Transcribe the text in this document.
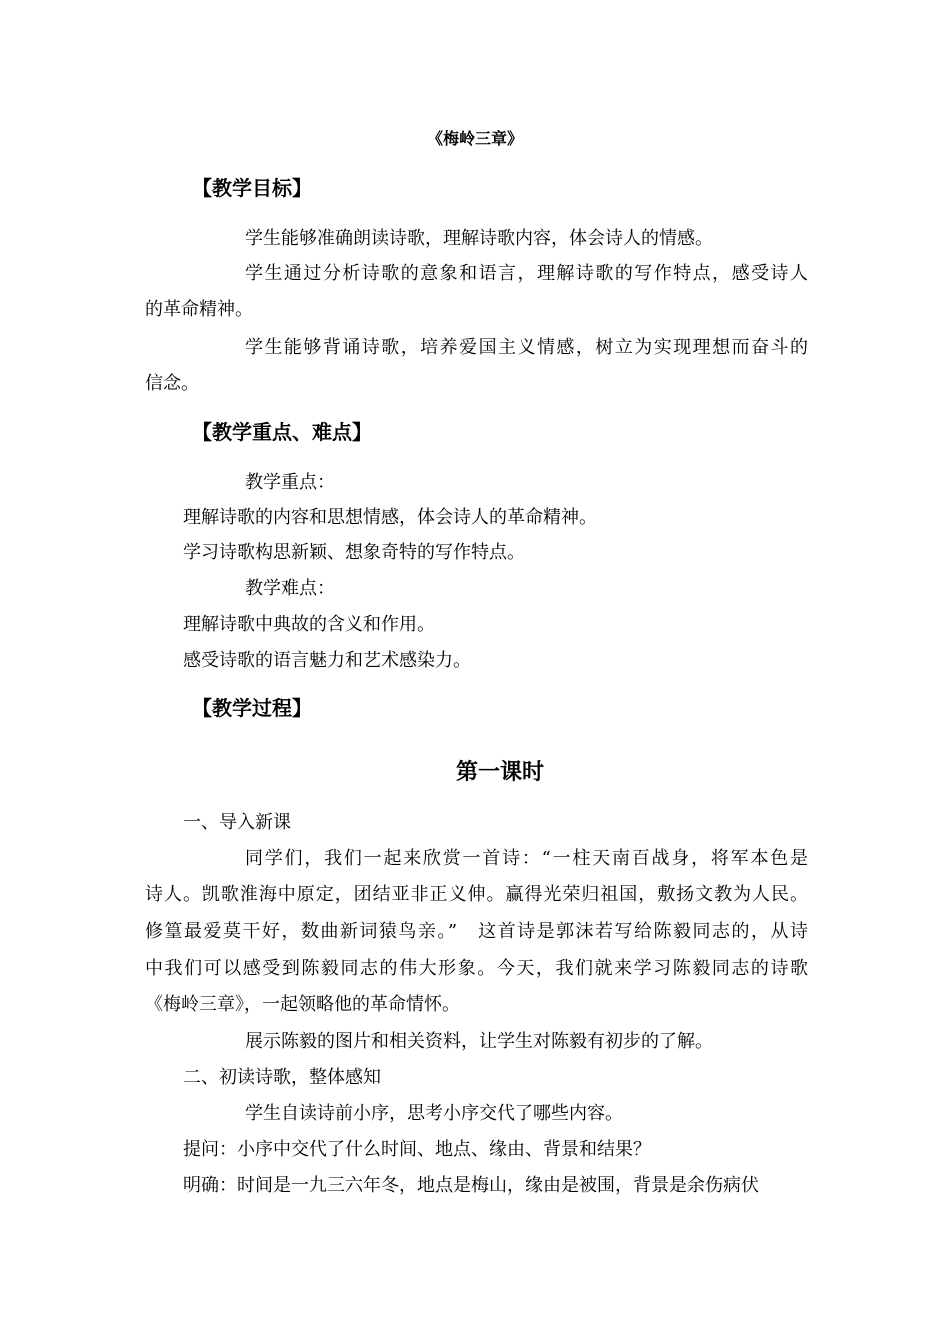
《梅岭三章》
【教学目标】
学生能够准确朗读诗歌，理解诗歌内容，体会诗人的情感。
学生通过分析诗歌的意象和语言，理解诗歌的写作特点，感受诗人
的革命精神。
学生能够背诵诗歌，培养爱国主义情感，树立为实现理想而奋斗的
信念。
【教学重点、难点】
教学重点：
理解诗歌的内容和思想情感，体会诗人的革命精神。
学习诗歌构思新颖、想象奇特的写作特点。
教学难点：
理解诗歌中典故的含义和作用。
感受诗歌的语言魅力和艺术感染力。
【教学过程】
第一课时
一、导入新课
同学们，我们一起来欣赏一首诗：“一柱天南百战身，将军本色是
诗人。凯歌淮海中原定，团结亚非正义伸。赢得光荣归祖国，敷扬文教为人民。
修篁最爱莫干好，数曲新词猿鸟亲。”　这首诗是郭沫若写给陈毅同志的，从诗
中我们可以感受到陈毅同志的伟大形象。今天，我们就来学习陈毅同志的诗歌
《梅岭三章》，一起领略他的革命情怀。
展示陈毅的图片和相关资料，让学生对陈毅有初步的了解。
二、初读诗歌，整体感知
学生自读诗前小序，思考小序交代了哪些内容。
提问：小序中交代了什么时间、地点、缘由、背景和结果？
明确：时间是一九三六年冬，地点是梅山，缘由是被围，背景是余伤病伏
